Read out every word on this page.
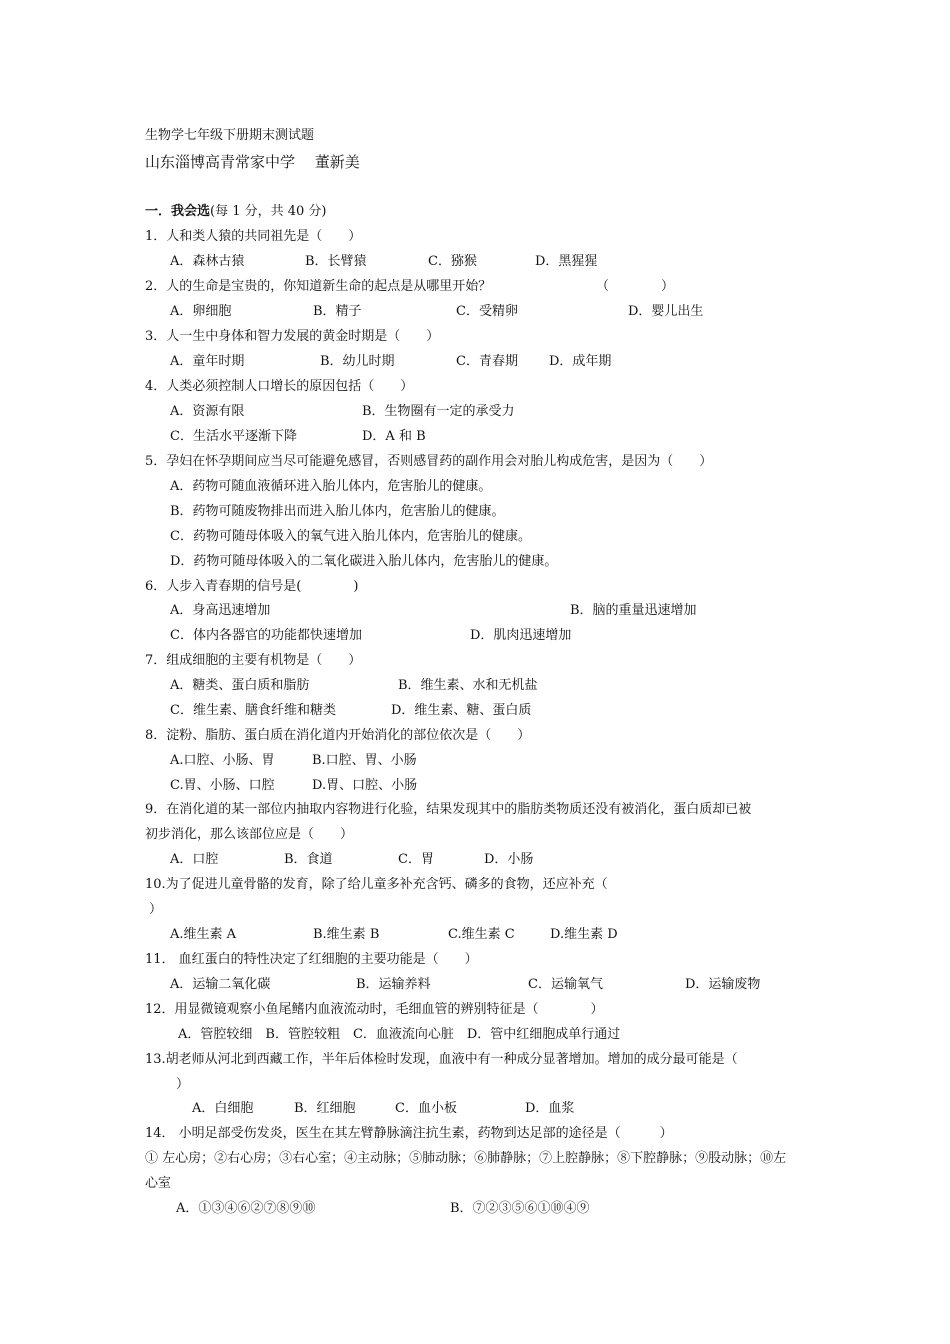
生物学七年级下册期末测试题
山东淄博高青常家中学　 董新美
一．我会选(每 1 分，共 40 分)
1．人和类人猿的共同祖先是（　　）
A．森林古猿	B．长臂猿	C．猕猴	D．黑猩猩
2．人的生命是宝贵的，你知道新生命的起点是从哪里开始？	（　　　　）
A．卵细胞	B．精子	C．受精卵	D．婴儿出生
3．人一生中身体和智力发展的黄金时期是（　　）
A．童年时期	B．幼儿时期	C．青春期 D．成年期
4．人类必须控制人口增长的原因包括（　　）
A．资源有限	B．生物圈有一定的承受力
C．生活水平逐渐下降	D．A 和 B
5．孕妇在怀孕期间应当尽可能避免感冒，否则感冒药的副作用会对胎儿构成危害，是因为（　　）
A．药物可随血液循环进入胎儿体内，危害胎儿的健康。
B．药物可随废物排出而进入胎儿体内，危害胎儿的健康。
C．药物可随母体吸入的氧气进入胎儿体内，危害胎儿的健康。
D．药物可随母体吸入的二氧化碳进入胎儿体内，危害胎儿的健康。
6．人步入青春期的信号是(　　　　)
A．身高迅速增加	B．脑的重量迅速增加
C．体内各器官的功能都快速增加	D．肌肉迅速增加
7．组成细胞的主要有机物是（　　）
A．糖类、蛋白质和脂肪	B．维生素、水和无机盐
C．维生素、膳食纤维和糖类	D．维生素、糖、蛋白质
8．淀粉、脂肪、蛋白质在消化道内开始消化的部位依次是（　　）
A.口腔、小肠、胃	B.口腔、胃、小肠
C.胃、小肠、口腔	D.胃、口腔、小肠
9．在消化道的某一部位内抽取内容物进行化验，结果发现其中的脂肪类物质还没有被消化，蛋白质却已被
初步消化，那么该部位应是（　　）
A．口腔	B．食道	C．胃	D．小肠
10.为了促进儿童骨骼的发育，除了给儿童多补充含钙、磷多的食物，还应补充（
）
A.维生素 A	B.维生素 B	C.维生素 C	D.维生素 D
11． 血红蛋白的特性决定了红细胞的主要功能是（　　）
A．运输二氧化碳	B．运输养料	C．运输氧气	D．运输废物
12．用显微镜观察小鱼尾鳍内血液流动时，毛细血管的辨别特征是（　　　　）
A．管腔较细　B．管腔较粗　C．血液流向心脏　D．管中红细胞成单行通过
13.胡老师从河北到西藏工作，半年后体检时发现，血液中有一种成分显著增加。增加的成分最可能是（
）
A．白细胞	B．红细胞	C．血小板	D．血浆
14． 小明足部受伤发炎，医生在其左臂静脉滴注抗生素，药物到达足部的途径是（　　　）
① 左心房；②右心房；③右心室；④主动脉；⑤肺动脉；⑥肺静脉；⑦上腔静脉；⑧下腔静脉；⑨股动脉；⑩左
心室
A．①③④⑥②⑦⑧⑨⑩	B．⑦②③⑤⑥①⑩④⑨
